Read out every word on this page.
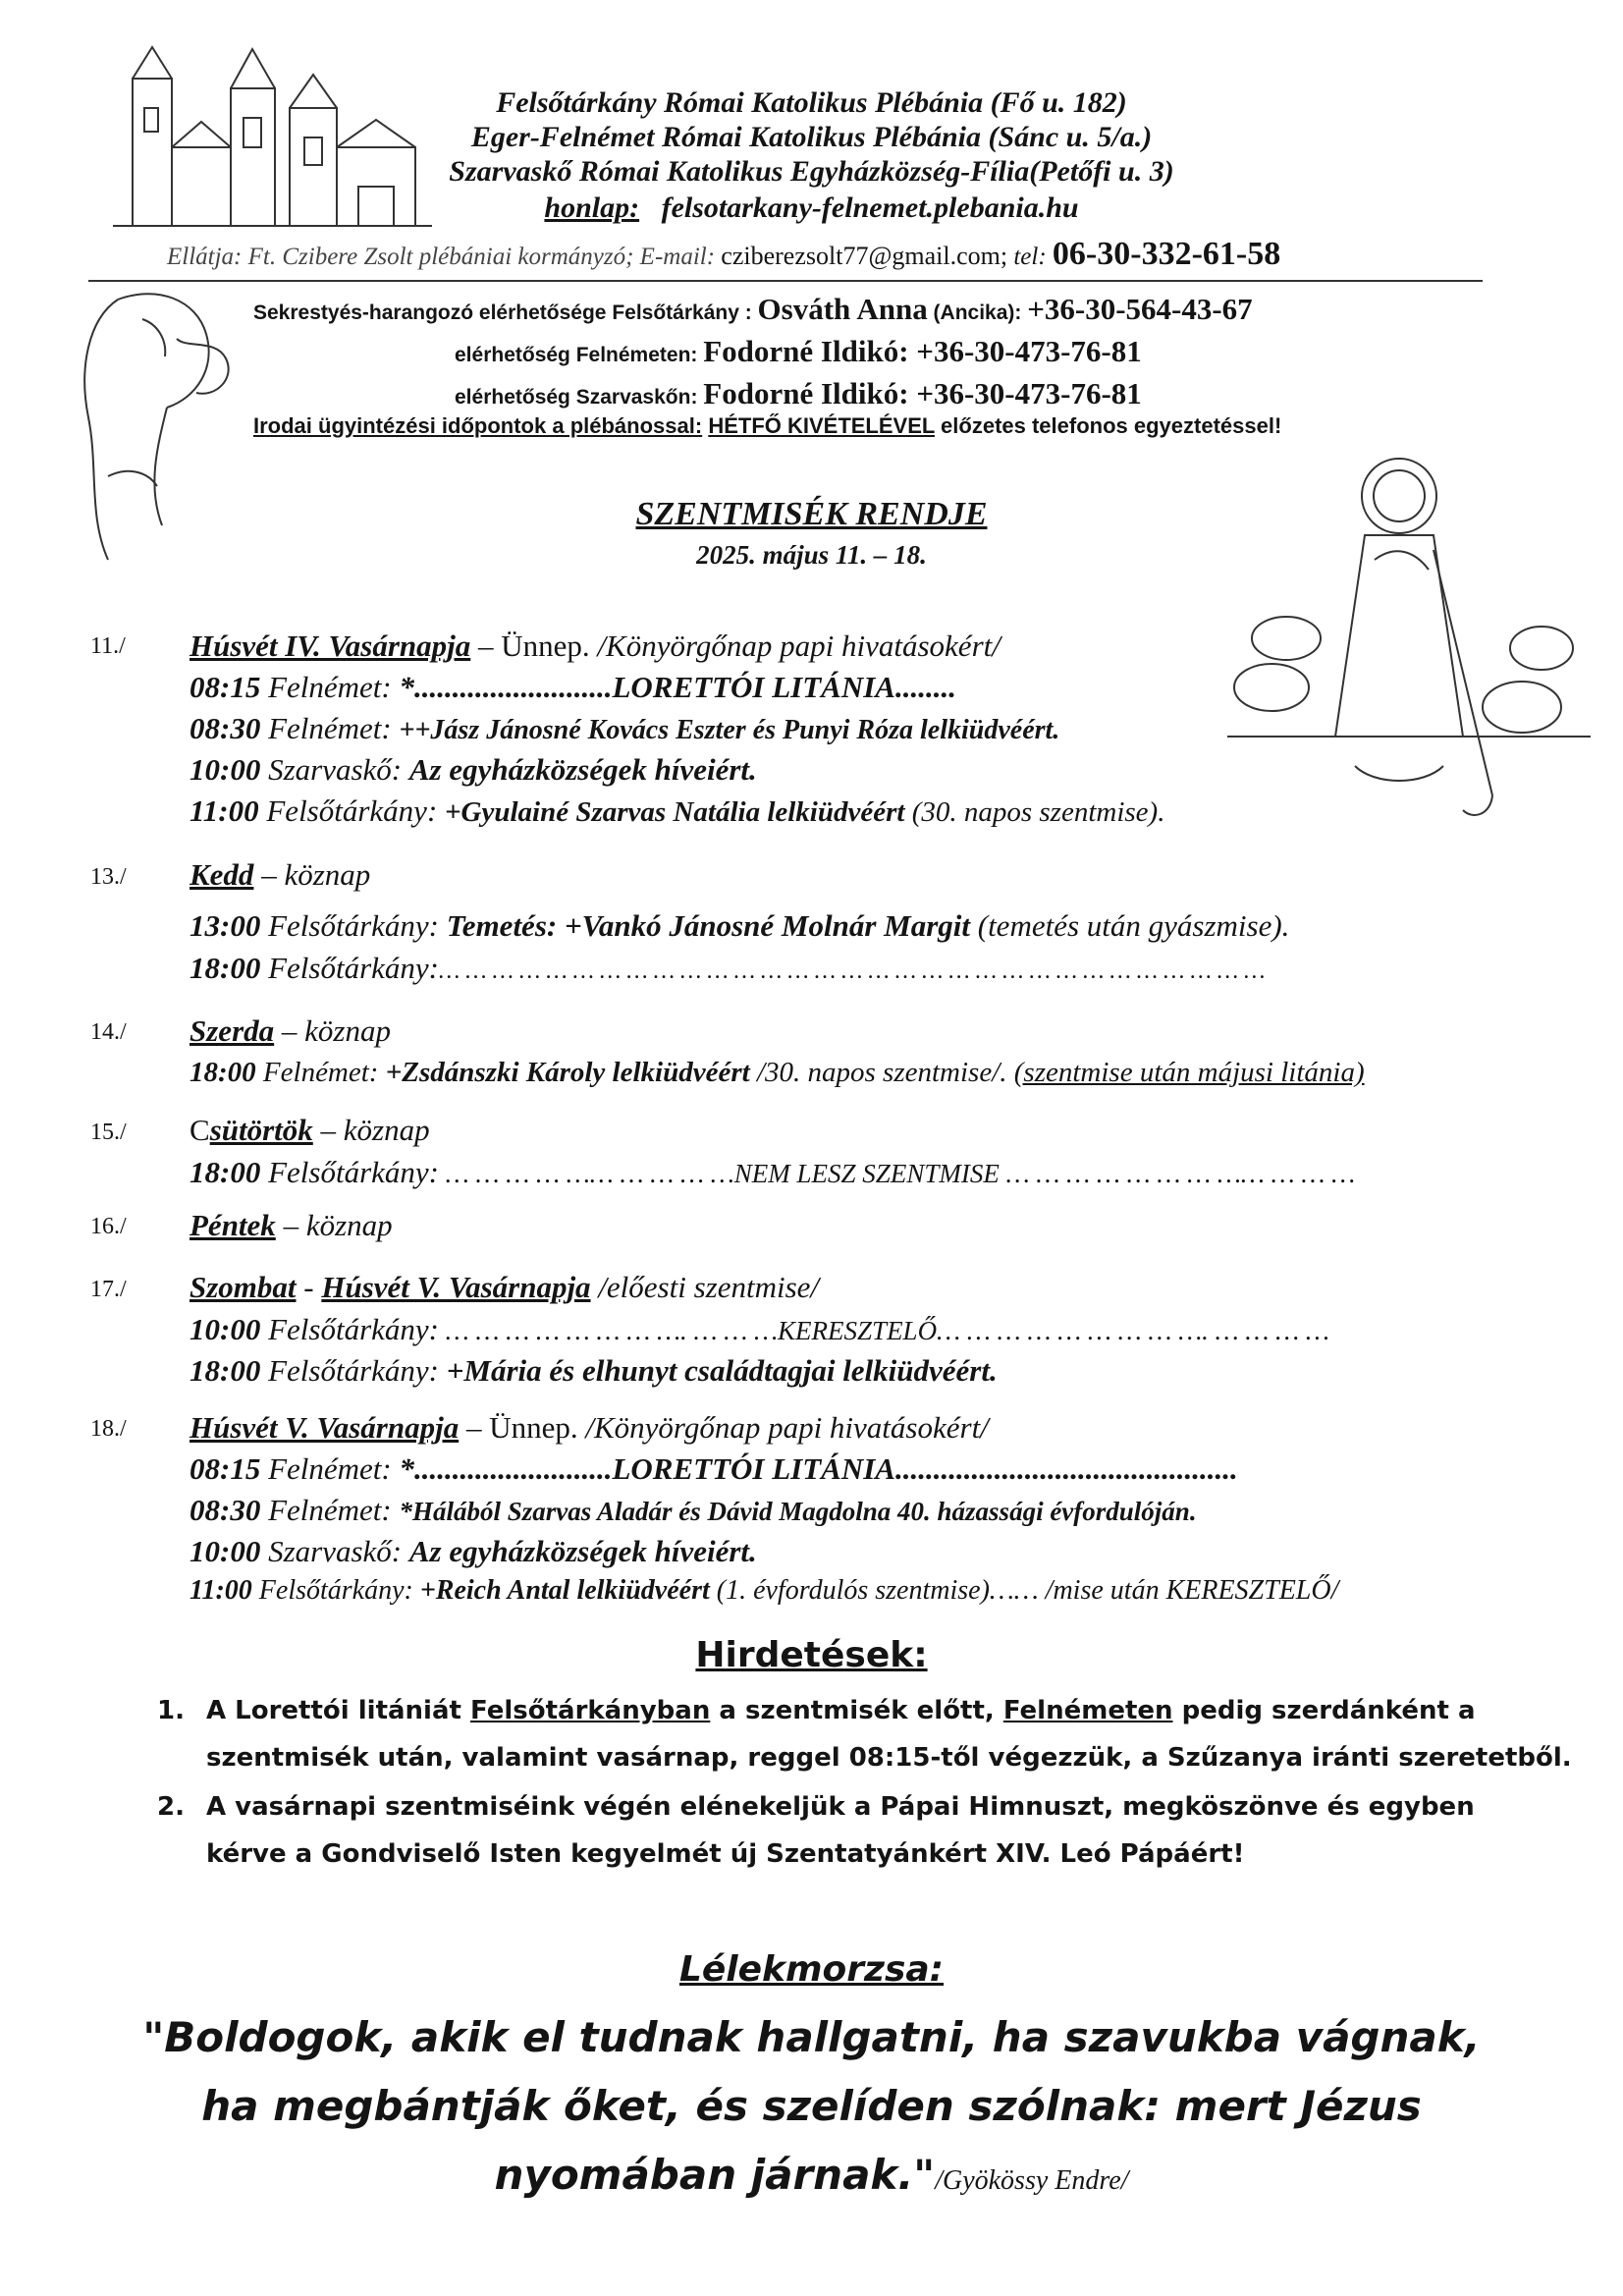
Felsőtárkány Római Katolikus Plébánia (Fő u. 182)
Eger-Felnémet Római Katolikus Plébánia (Sánc u. 5/a.)
Szarvaskő Római Katolikus Egyházközség-Fília(Petőfi u. 3)
honlap: felsotarkany-felnemet.plebania.hu
Ellátja: Ft. Czibere Zsolt plébániai kormányzó; E-mail: cziberezsolt77@gmail.com; tel: 06-30-332-61-58
Sekrestyés-harangozó elérhetősége Felsőtárkány : Osváth Anna (Ancika): +36-30-564-43-67
elérhetőség Felnémeten: Fodorné Ildikó: +36-30-473-76-81
elérhetőség Szarvaskőn: Fodorné Ildikó: +36-30-473-76-81
Irodai ügyintézési időpontok a plébánossal: HÉTFŐ KIVÉTELÉVEL előzetes telefonos egyeztetéssel!
SZENTMISÉK RENDJE
2025. május 11. – 18.
11./ Húsvét IV. Vasárnapja – Ünnep. /Könyörgőnap papi hivatásokért/
08:15 Felnémet: *..........................LORETTÓI LITÁNIA........
08:30 Felnémet: ++Jász Jánosné Kovács Eszter és Punyi Róza lelkiüdvéért.
10:00 Szarvaskő: Az egyházközségek híveiért.
11:00 Felsőtárkány: +Gyulainé Szarvas Natália lelkiüdvéért (30. napos szentmise).
13./ Kedd – köznap
13:00 Felsőtárkány: Temetés: +Vankó Jánosné Molnár Margit (temetés után gyászmise).
18:00 Felsőtárkány:… … … … … … … … … … … … … … … … … … … … … … … … … … … … … … …
14./ Szerda – köznap
18:00 Felnémet: +Zsdánszki Károly lelkiüdvéért /30. napos szentmise/. (szentmise után májusi litánia)
15./ Csütörtök – köznap
18:00 Felsőtárkány: … … … … …… … … … …NEM LESZ SZENTMISE … … … … … … … …… … … …
16./ Péntek – köznap
17./ Szombat - Húsvét V. Vasárnapja /előesti szentmise/
10:00 Felsőtárkány: … … … … … … … …. … … …KERESZTELŐ… … … … … … … … …. … … … …
18:00 Felsőtárkány: +Mária és elhunyt családtagjai lelkiüdvéért.
18./ Húsvét V. Vasárnapja – Ünnep. /Könyörgőnap papi hivatásokért/
08:15 Felnémet: *..........................LORETTÓI LITÁNIA.............................................
08:30 Felnémet: *Hálából Szarvas Aladár és Dávid Magdolna 40. házassági évfordulóján.
10:00 Szarvaskő: Az egyházközségek híveiért.
11:00 Felsőtárkány: +Reich Antal lelkiüdvéért (1. évfordulós szentmise)…… /mise után KERESZTELŐ/
Hirdetések:
1. A Lorettói litániát Felsőtárkányban a szentmisék előtt, Felnémeten pedig szerdánként a
szentmisék után, valamint vasárnap, reggel 08:15-től végezzük, a Szűzanya iránti szeretetből.
2. A vasárnapi szentmiséink végén elénekeljük a Pápai Himnuszt, megköszönve és egyben
kérve a Gondviselő Isten kegyelmét új Szentatyánkért XIV. Leó Pápáért!
Lélekmorzsa:
"Boldogok, akik el tudnak hallgatni, ha szavukba vágnak,
ha megbántják őket, és szelíden szólnak: mert Jézus
nyomában járnak."/Gyökössy Endre/
